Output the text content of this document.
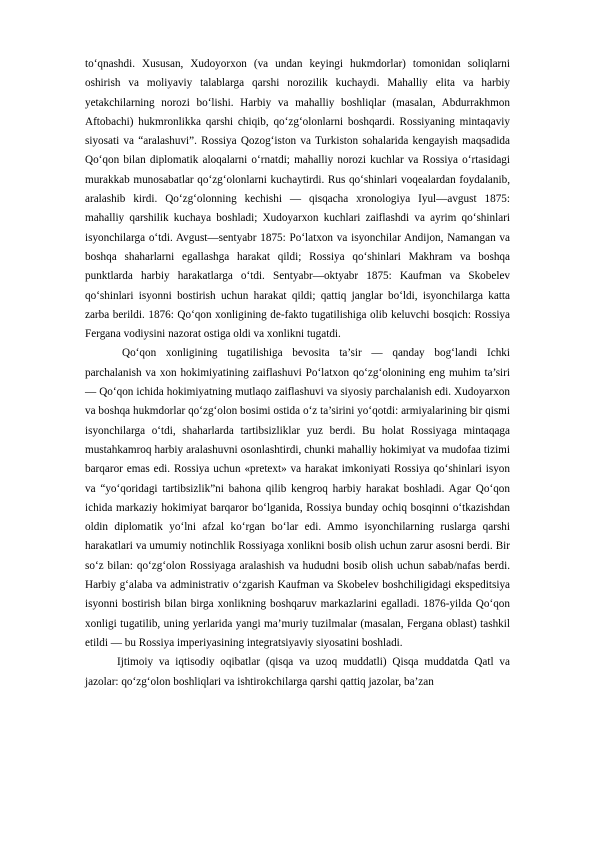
to‘qnashdi. Xususan, Xudoyorxon (va undan keyingi hukmdorlar) tomonidan soliqlarni oshirish va moliyaviy talablarga qarshi norozilik kuchaydi. Mahalliy elita va harbiy yetakchilarning norozi bo‘lishi. Harbiy va mahalliy boshliqlar (masalan, Abdurrakhmon Aftobachi) hukmronlikka qarshi chiqib, qo‘zg‘olonlarni boshqardi. Rossiyaning mintaqaviy siyosati va “aralashuvi”. Rossiya Qozog‘iston va Turkiston sohalarida kengayish maqsadida Qo‘qon bilan diplomatik aloqalarni o‘rnatdi; mahalliy norozi kuchlar va Rossiya o‘rtasidagi murakkab munosabatlar qo‘zg‘olonlarni kuchaytirdi. Rus qo‘shinlari voqealardan foydalanib, aralashib kirdi. Qo‘zg‘olonning kechishi — qisqacha xronologiya Iyul—avgust 1875: mahalliy qarshilik kuchaya boshladi; Xudoyarxon kuchlari zaiflashdi va ayrim qo‘shinlari isyonchilarga o‘tdi. Avgust—sentyabr 1875: Po‘latxon va isyonchilar Andijon, Namangan va boshqa shaharlarni egallashga harakat qildi; Rossiya qo‘shinlari Makhram va boshqa punktlarda harbiy harakatlarga o‘tdi. Sentyabr—oktyabr 1875: Kaufman va Skobelev qo‘shinlari isyonni bostirish uchun harakat qildi; qattiq janglar bo‘ldi, isyonchilarga katta zarba berildi. 1876: Qo‘qon xonligining de-fakto tugatilishiga olib keluvchi bosqich: Rossiya Fergana vodiysini nazorat ostiga oldi va xonlikni tugatdi.

Qo‘qon xonligining tugatilishiga bevosita ta’sir — qanday bog‘landi Ichki parchalanish va xon hokimiyatining zaiflashuvi Po‘latxon qo‘zg‘olonining eng muhim ta’siri — Qo‘qon ichida hokimiyatning mutlaqo zaiflashuvi va siyosiy parchalanish edi. Xudoyarxon va boshqa hukmdorlar qo‘zg‘olon bosimi ostida o‘z ta’sirini yo‘qotdi: armiyalarining bir qismi isyonchilarga o‘tdi, shaharlarda tartibsizliklar yuz berdi. Bu holat Rossiyaga mintaqaga mustahkamroq harbiy aralashuvni osonlashtirdi, chunki mahalliy hokimiyat va mudofaa tizimi barqaror emas edi. Rossiya uchun «pretext» va harakat imkoniyati Rossiya qo‘shinlari isyon va “yo‘qoridagi tartibsizlik”ni bahona qilib kengroq harbiy harakat boshladi. Agar Qo‘qon ichida markaziy hokimiyat barqaror bo‘lganida, Rossiya bunday ochiq bosqinni o‘tkazishdan oldin diplomatik yo‘lni afzal ko‘rgan bo‘lar edi. Ammo isyonchilarning ruslarga qarshi harakatlari va umumiy notinchlik Rossiyaga xonlikni bosib olish uchun zarur asosni berdi. Bir so‘z bilan: qo‘zg‘olon Rossiyaga aralashish va hududni bosib olish uchun sabab/nafas berdi. Harbiy g‘alaba va administrativ o‘zgarish Kaufman va Skobelev boshchiligidagi ekspeditsiya isyonni bostirish bilan birga xonlikning boshqaruv markazlarini egalladi. 1876-yilda Qo‘qon xonligi tugatilib, uning yerlarida yangi ma’muriy tuzilmalar (masalan, Fergana oblast) tashkil etildi — bu Rossiya imperiyasining integratsiyaviy siyosatini boshladi.

Ijtimoiy va iqtisodiy oqibatlar (qisqa va uzoq muddatli) Qisqa muddatda Qatl va jazolar: qo‘zg‘olon boshliqlari va ishtirokchilarga qarshi qattiq jazolar, ba’zan
